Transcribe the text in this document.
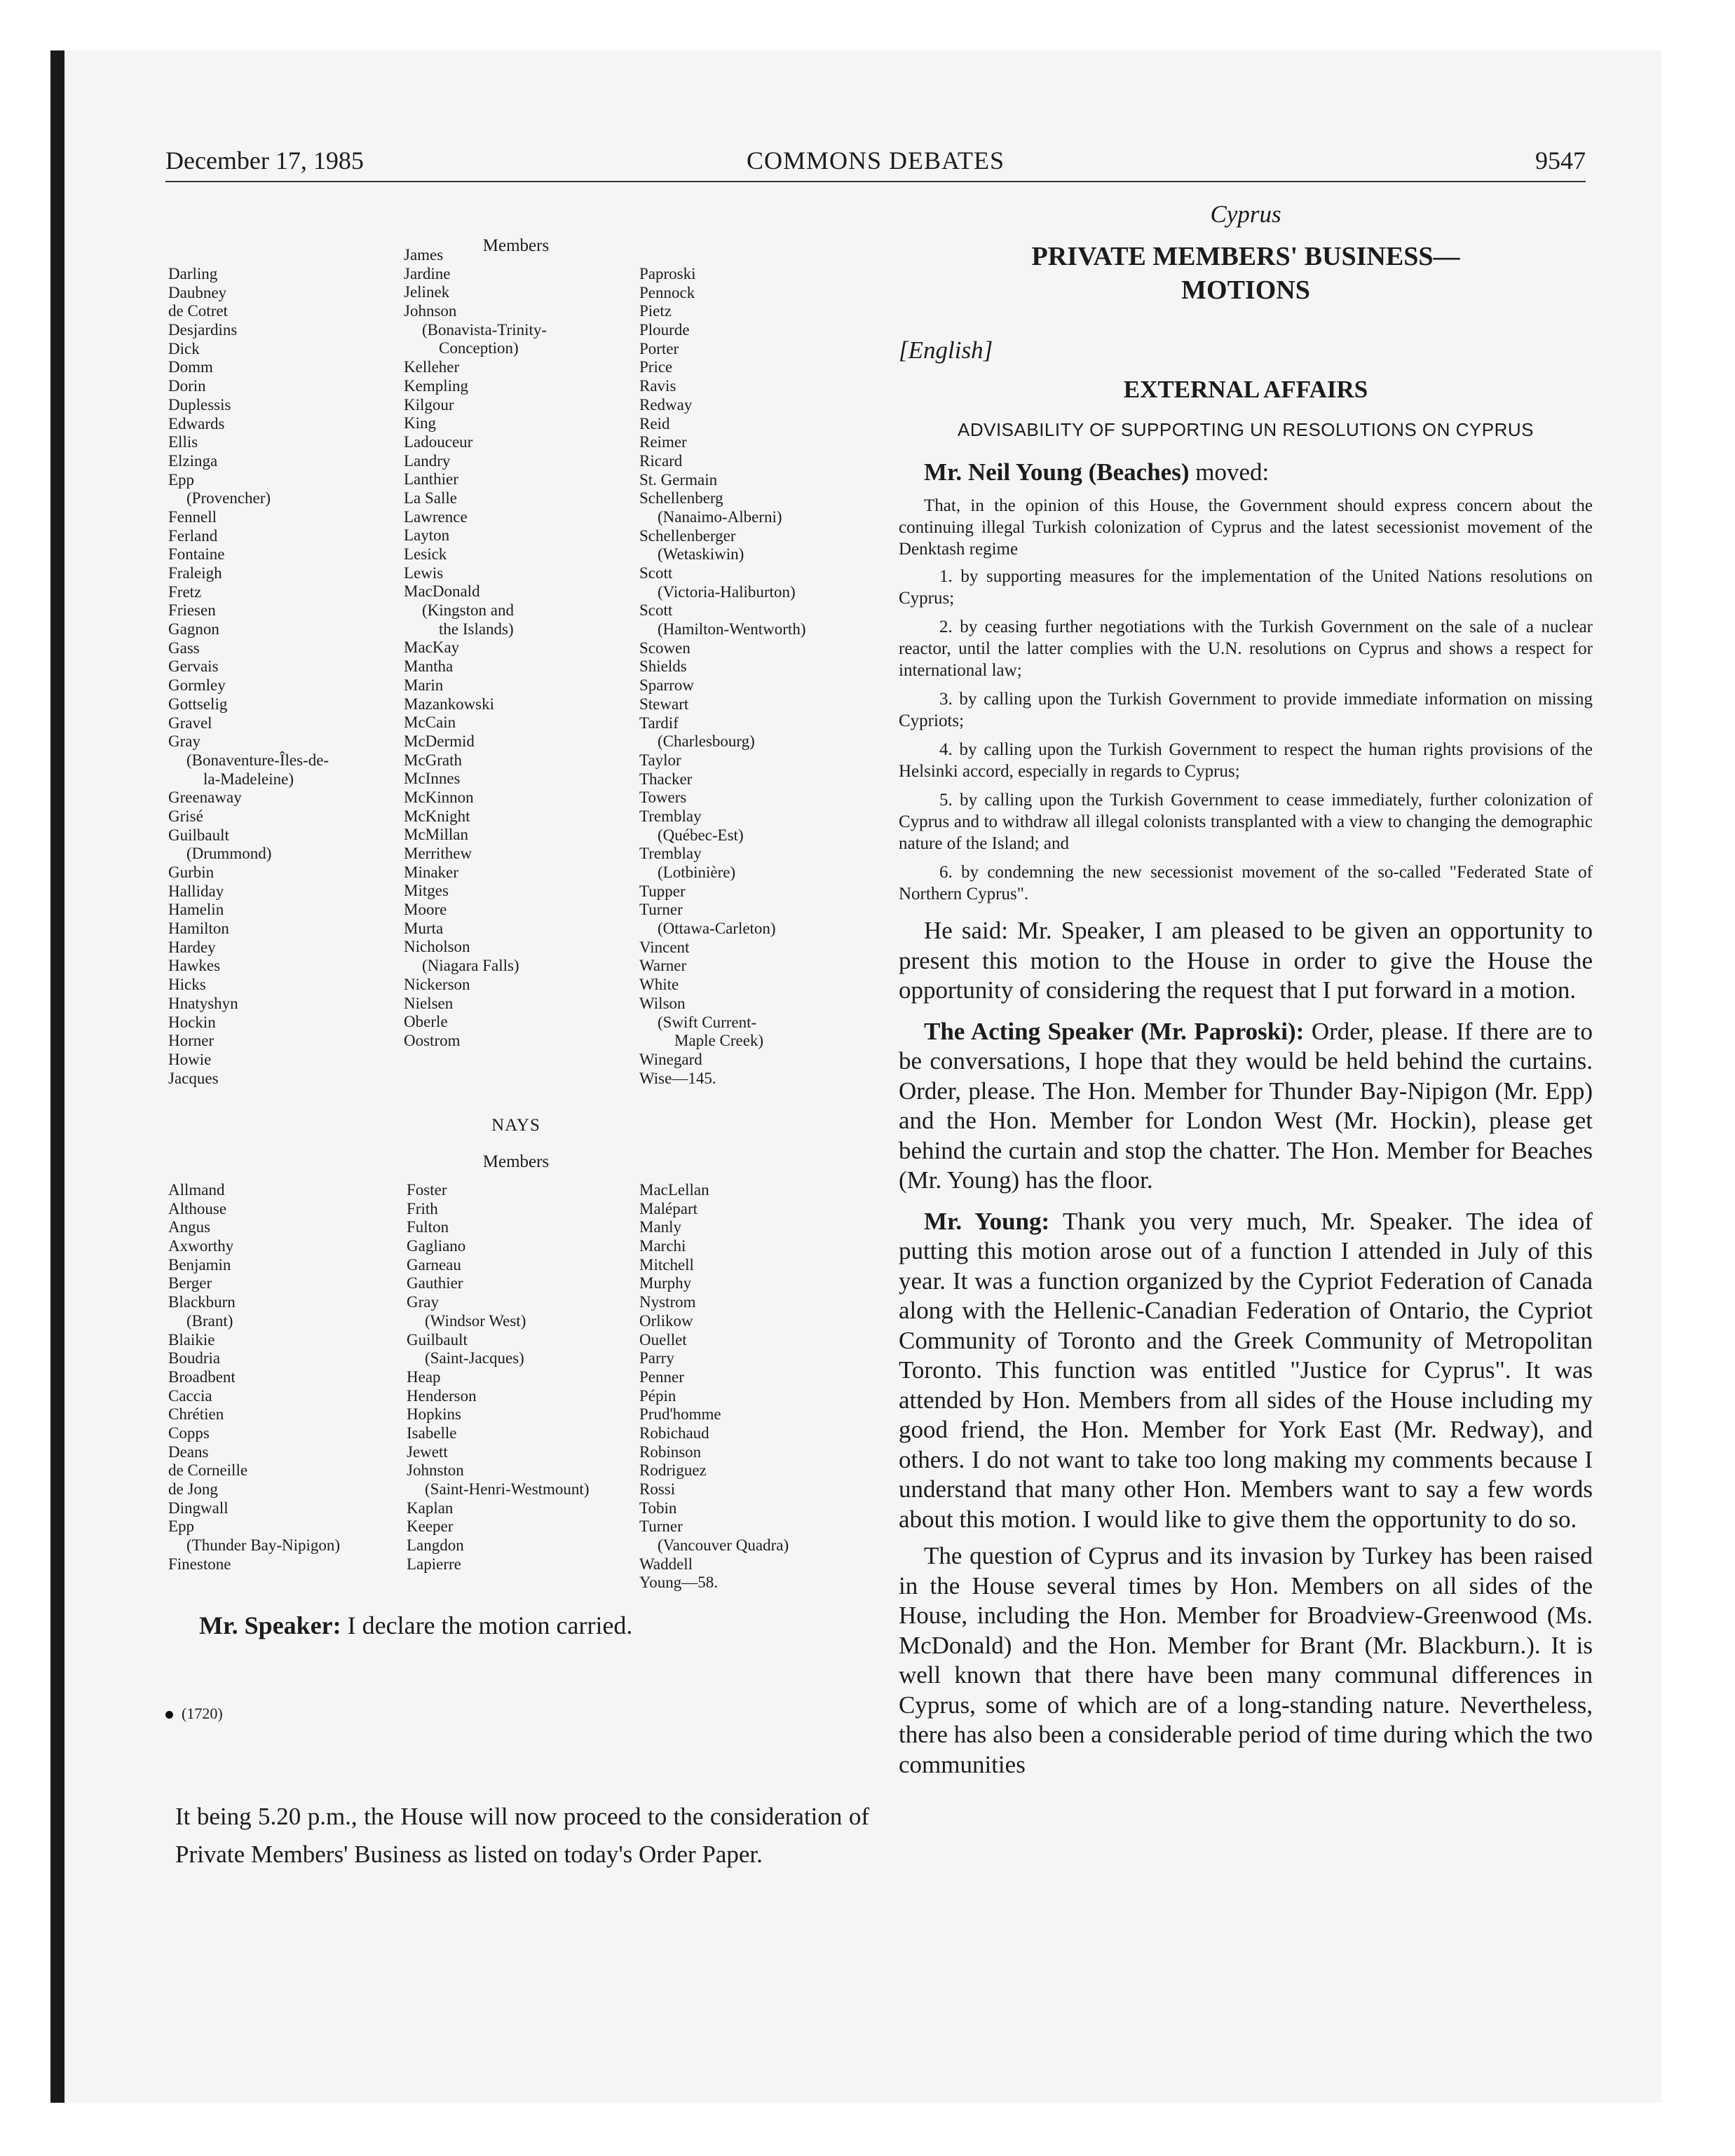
December 17, 1985	COMMONS DEBATES	9547
Members
Darling
Daubney
de Cotret
Desjardins
Dick
Domm
Dorin
Duplessis
Edwards
Ellis
Elzinga
Epp
(Provencher)
Fennell
Ferland
Fontaine
Fraleigh
Fretz
Friesen
Gagnon
Gass
Gervais
Gormley
Gottselig
Gravel
Gray
(Bonaventure-Îles-de-
la-Madeleine)
Greenaway
Grisé
Guilbault
(Drummond)
Gurbin
Halliday
Hamelin
Hamilton
Hardey
Hawkes
Hicks
Hnatyshyn
Hockin
Horner
Howie
Jacques
James
Jardine
Jelinek
Johnson
(Bonavista-Trinity-
Conception)
Kelleher
Kempling
Kilgour
King
Ladouceur
Landry
Lanthier
La Salle
Lawrence
Layton
Lesick
Lewis
MacDonald
(Kingston and
the Islands)
MacKay
Mantha
Marin
Mazankowski
McCain
McDermid
McGrath
McInnes
McKinnon
McKnight
McMillan
Merrithew
Minaker
Mitges
Moore
Murta
Nicholson
(Niagara Falls)
Nickerson
Nielsen
Oberle
Oostrom
Paproski
Pennock
Pietz
Plourde
Porter
Price
Ravis
Redway
Reid
Reimer
Ricard
St. Germain
Schellenberg
(Nanaimo-Alberni)
Schellenberger
(Wetaskiwin)
Scott
(Victoria-Haliburton)
Scott
(Hamilton-Wentworth)
Scowen
Shields
Sparrow
Stewart
Tardif
(Charlesbourg)
Taylor
Thacker
Towers
Tremblay
(Québec-Est)
Tremblay
(Lotbinière)
Tupper
Turner
(Ottawa-Carleton)
Vincent
Warner
White
Wilson
(Swift Current-
Maple Creek)
Winegard
Wise—145.
NAYS
Members
Allmand
Althouse
Angus
Axworthy
Benjamin
Berger
Blackburn
(Brant)
Blaikie
Boudria
Broadbent
Caccia
Chrétien
Copps
Deans
de Corneille
de Jong
Dingwall
Epp
(Thunder Bay-Nipigon)
Finestone
Foster
Frith
Fulton
Gagliano
Garneau
Gauthier
Gray
(Windsor West)
Guilbault
(Saint-Jacques)
Heap
Henderson
Hopkins
Isabelle
Jewett
Johnston
(Saint-Henri-Westmount)
Kaplan
Keeper
Langdon
Lapierre
MacLellan
Malépart
Manly
Marchi
Mitchell
Murphy
Nystrom
Orlikow
Ouellet
Parry
Penner
Pépin
Prud'homme
Robichaud
Robinson
Rodriguez
Rossi
Tobin
Turner
(Vancouver Quadra)
Waddell
Young—58.
Mr. Speaker: I declare the motion carried.
(1720)

It being 5.20 p.m., the House will now proceed to the consideration of Private Members' Business as listed on today's Order Paper.

Cyprus
PRIVATE MEMBERS' BUSINESS—
MOTIONS
[English]
EXTERNAL AFFAIRS
ADVISABILITY OF SUPPORTING UN RESOLUTIONS ON CYPRUS
Mr. Neil Young (Beaches) moved:

That, in the opinion of this House, the Government should express concern about the continuing illegal Turkish colonization of Cyprus and the latest secessionist movement of the Denktash regime

1. by supporting measures for the implementation of the United Nations resolutions on Cyprus;

2. by ceasing further negotiations with the Turkish Government on the sale of a nuclear reactor, until the latter complies with the U.N. resolutions on Cyprus and shows a respect for international law;

3. by calling upon the Turkish Government to provide immediate information on missing Cypriots;

4. by calling upon the Turkish Government to respect the human rights provisions of the Helsinki accord, especially in regards to Cyprus;

5. by calling upon the Turkish Government to cease immediately, further colonization of Cyprus and to withdraw all illegal colonists transplanted with a view to changing the demographic nature of the Island; and

6. by condemning the new secessionist movement of the so-called "Federated State of Northern Cyprus".

He said: Mr. Speaker, I am pleased to be given an opportunity to present this motion to the House in order to give the House the opportunity of considering the request that I put forward in a motion.

The Acting Speaker (Mr. Paproski): Order, please. If there are to be conversations, I hope that they would be held behind the curtains. Order, please. The Hon. Member for Thunder Bay-Nipigon (Mr. Epp) and the Hon. Member for London West (Mr. Hockin), please get behind the curtain and stop the chatter. The Hon. Member for Beaches (Mr. Young) has the floor.

Mr. Young: Thank you very much, Mr. Speaker. The idea of putting this motion arose out of a function I attended in July of this year. It was a function organized by the Cypriot Federation of Canada along with the Hellenic-Canadian Federation of Ontario, the Cypriot Community of Toronto and the Greek Community of Metropolitan Toronto. This function was entitled "Justice for Cyprus". It was attended by Hon. Members from all sides of the House including my good friend, the Hon. Member for York East (Mr. Redway), and others. I do not want to take too long making my comments because I understand that many other Hon. Members want to say a few words about this motion. I would like to give them the opportunity to do so.

The question of Cyprus and its invasion by Turkey has been raised in the House several times by Hon. Members on all sides of the House, including the Hon. Member for Broadview-Greenwood (Ms. McDonald) and the Hon. Member for Brant (Mr. Blackburn.). It is well known that there have been many communal differences in Cyprus, some of which are of a long-standing nature. Nevertheless, there has also been a considerable period of time during which the two communities
